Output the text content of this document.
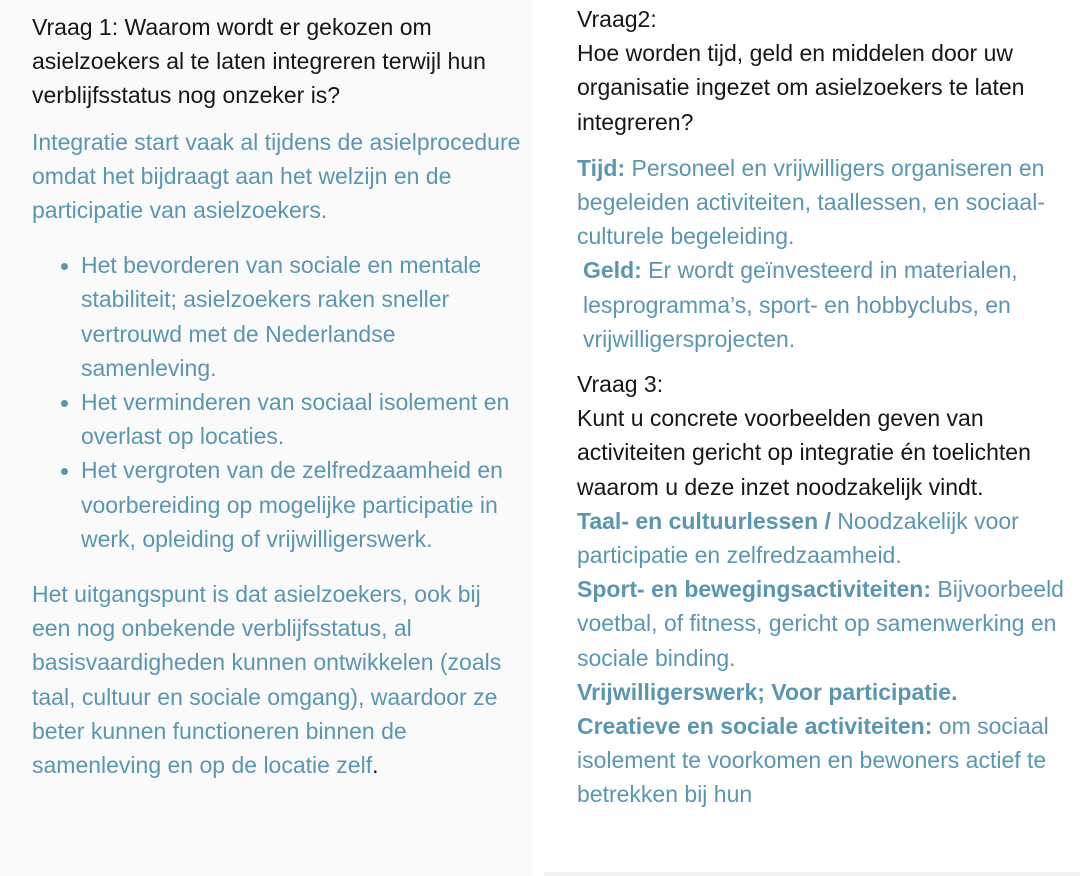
Vraag 1: Waarom wordt er gekozen om asielzoekers al te laten integreren terwijl hun verblijfsstatus nog onzeker is?

Integratie start vaak al tijdens de asielprocedure omdat het bijdraagt aan het welzijn en de participatie van asielzoekers.

Het bevorderen van sociale en mentale stabiliteit; asielzoekers raken sneller vertrouwd met de Nederlandse samenleving.
Het verminderen van sociaal isolement en overlast op locaties.
Het vergroten van de zelfredzaamheid en voorbereiding op mogelijke participatie in werk, opleiding of vrijwilligerswerk.

Het uitgangspunt is dat asielzoekers, ook bij een nog onbekende verblijfsstatus, al basisvaardigheden kunnen ontwikkelen (zoals taal, cultuur en sociale omgang), waardoor ze beter kunnen functioneren binnen de samenleving en op de locatie zelf.

Vraag2:
Hoe worden tijd, geld en middelen door uw organisatie ingezet om asielzoekers te laten integreren?

Tijd: Personeel en vrijwilligers organiseren en begeleiden activiteiten, taallessen, en sociaal-culturele begeleiding.

Geld: Er wordt geïnvesteerd in materialen, lesprogramma’s, sport- en hobbyclubs, en vrijwilligersprojecten.

Vraag 3:
Kunt u concrete voorbeelden geven van activiteiten gericht op integratie én toelichten waarom u deze inzet noodzakelijk vindt.

Taal- en cultuurlessen / Noodzakelijk voor participatie en zelfredzaamheid.

Sport- en bewegingsactiviteiten: Bijvoorbeeld voetbal, of fitness, gericht op samenwerking en sociale binding.

Vrijwilligerswerk; Voor participatie.

Creatieve en sociale activiteiten: om sociaal isolement te voorkomen en bewoners actief te betrekken bij hun
